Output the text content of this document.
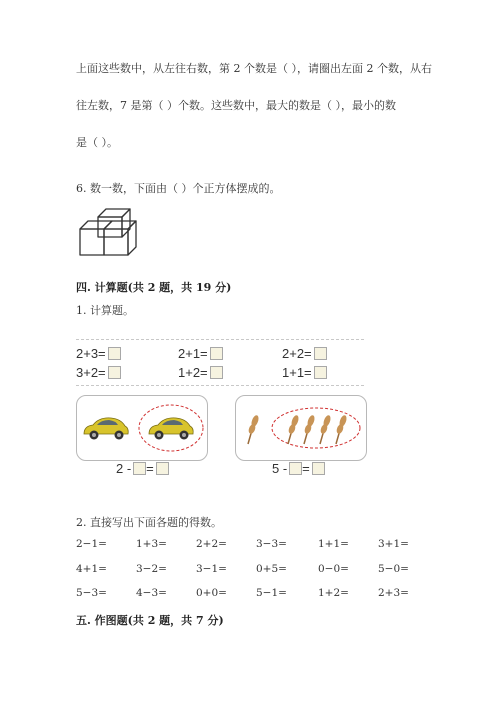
上面这些数中，从左往右数，第 2 个数是（ ），请圈出左面 2 个数，从右
往左数，7 是第（ ）个数。这些数中，最大的数是（ ），最小的数
是（ ）。
6. 数一数，下面由（ ）个正方体摆成的。
四. 计算题(共 2 题，共 19 分)
1. 计算题。
2+3=	2+1=	2+2=
3+2=	1+2=	1+1=
2 - =	5 - =
2. 直接写出下面各题的得数。
2−1=	1+3=	2+2=	3−3=	1+1=	3+1=
4+1=	3−2=	3−1=	0+5=	0−0=	5−0=
5−3=	4−3=	0+0=	5−1=	1+2=	2+3=
五. 作图题(共 2 题，共 7 分)
